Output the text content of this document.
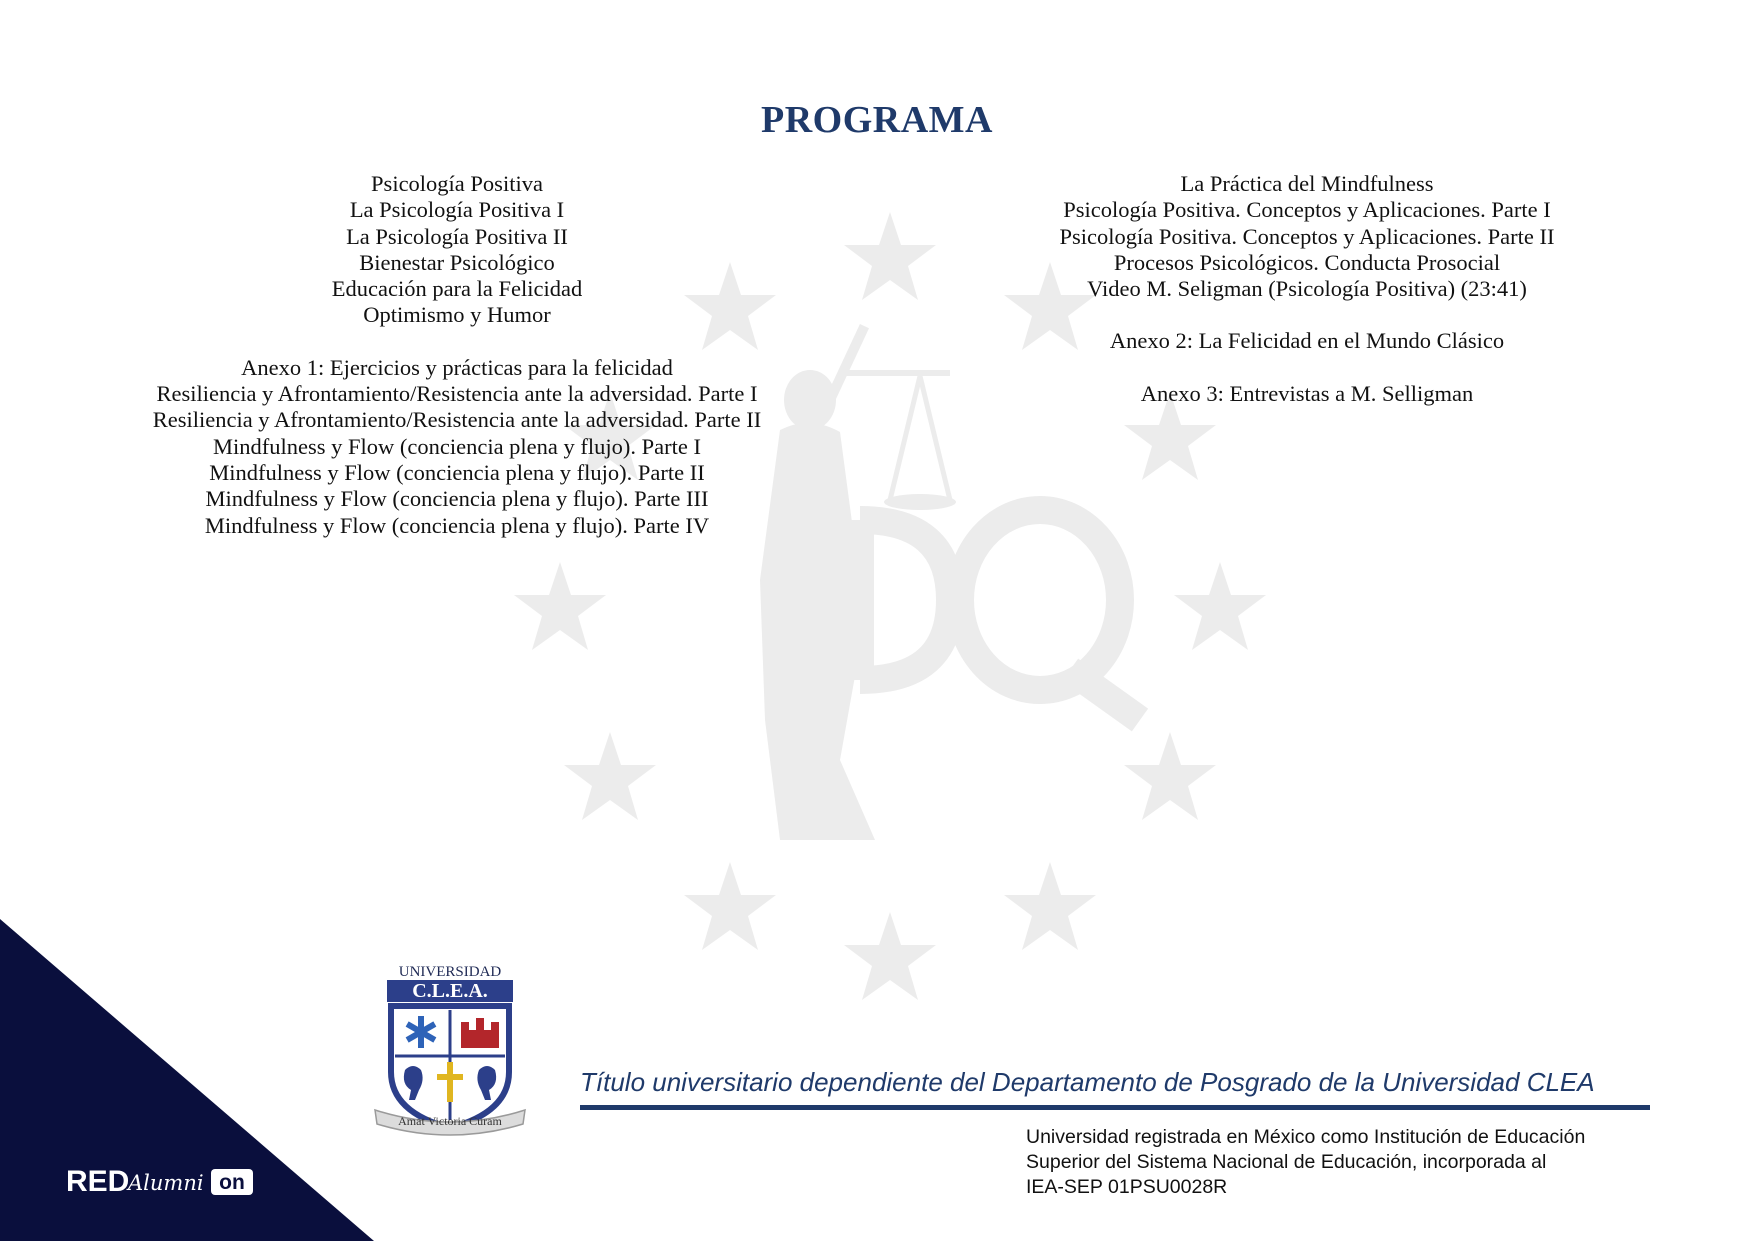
PROGRAMA
Psicología Positiva
La Psicología Positiva I
La Psicología Positiva II
Bienestar Psicológico
Educación para la Felicidad
Optimismo y Humor
Anexo 1: Ejercicios y prácticas para la felicidad
Resiliencia y Afrontamiento/Resistencia ante la adversidad. Parte I
Resiliencia y Afrontamiento/Resistencia ante la adversidad. Parte II
Mindfulness y Flow (conciencia plena y flujo). Parte I
Mindfulness y Flow (conciencia plena y flujo). Parte II
Mindfulness y Flow (conciencia plena y flujo). Parte III
Mindfulness y Flow (conciencia plena y flujo). Parte IV
La Práctica del Mindfulness
Psicología Positiva. Conceptos y Aplicaciones. Parte I
Psicología Positiva. Conceptos y Aplicaciones. Parte II
Procesos Psicológicos. Conducta Prosocial
Video M. Seligman (Psicología Positiva) (23:41)
Anexo 2: La Felicidad en el Mundo Clásico
Anexo 3: Entrevistas a M. Selligman
RED
Alumni on
UNIVERSIDAD
C.L.E.A.
Amat Victoria Curam
Título universitario dependiente del Departamento de Posgrado de la Universidad CLEA
Universidad registrada en México como Institución de Educación
Superior del Sistema Nacional de Educación, incorporada al
IEA-SEP 01PSU0028R
